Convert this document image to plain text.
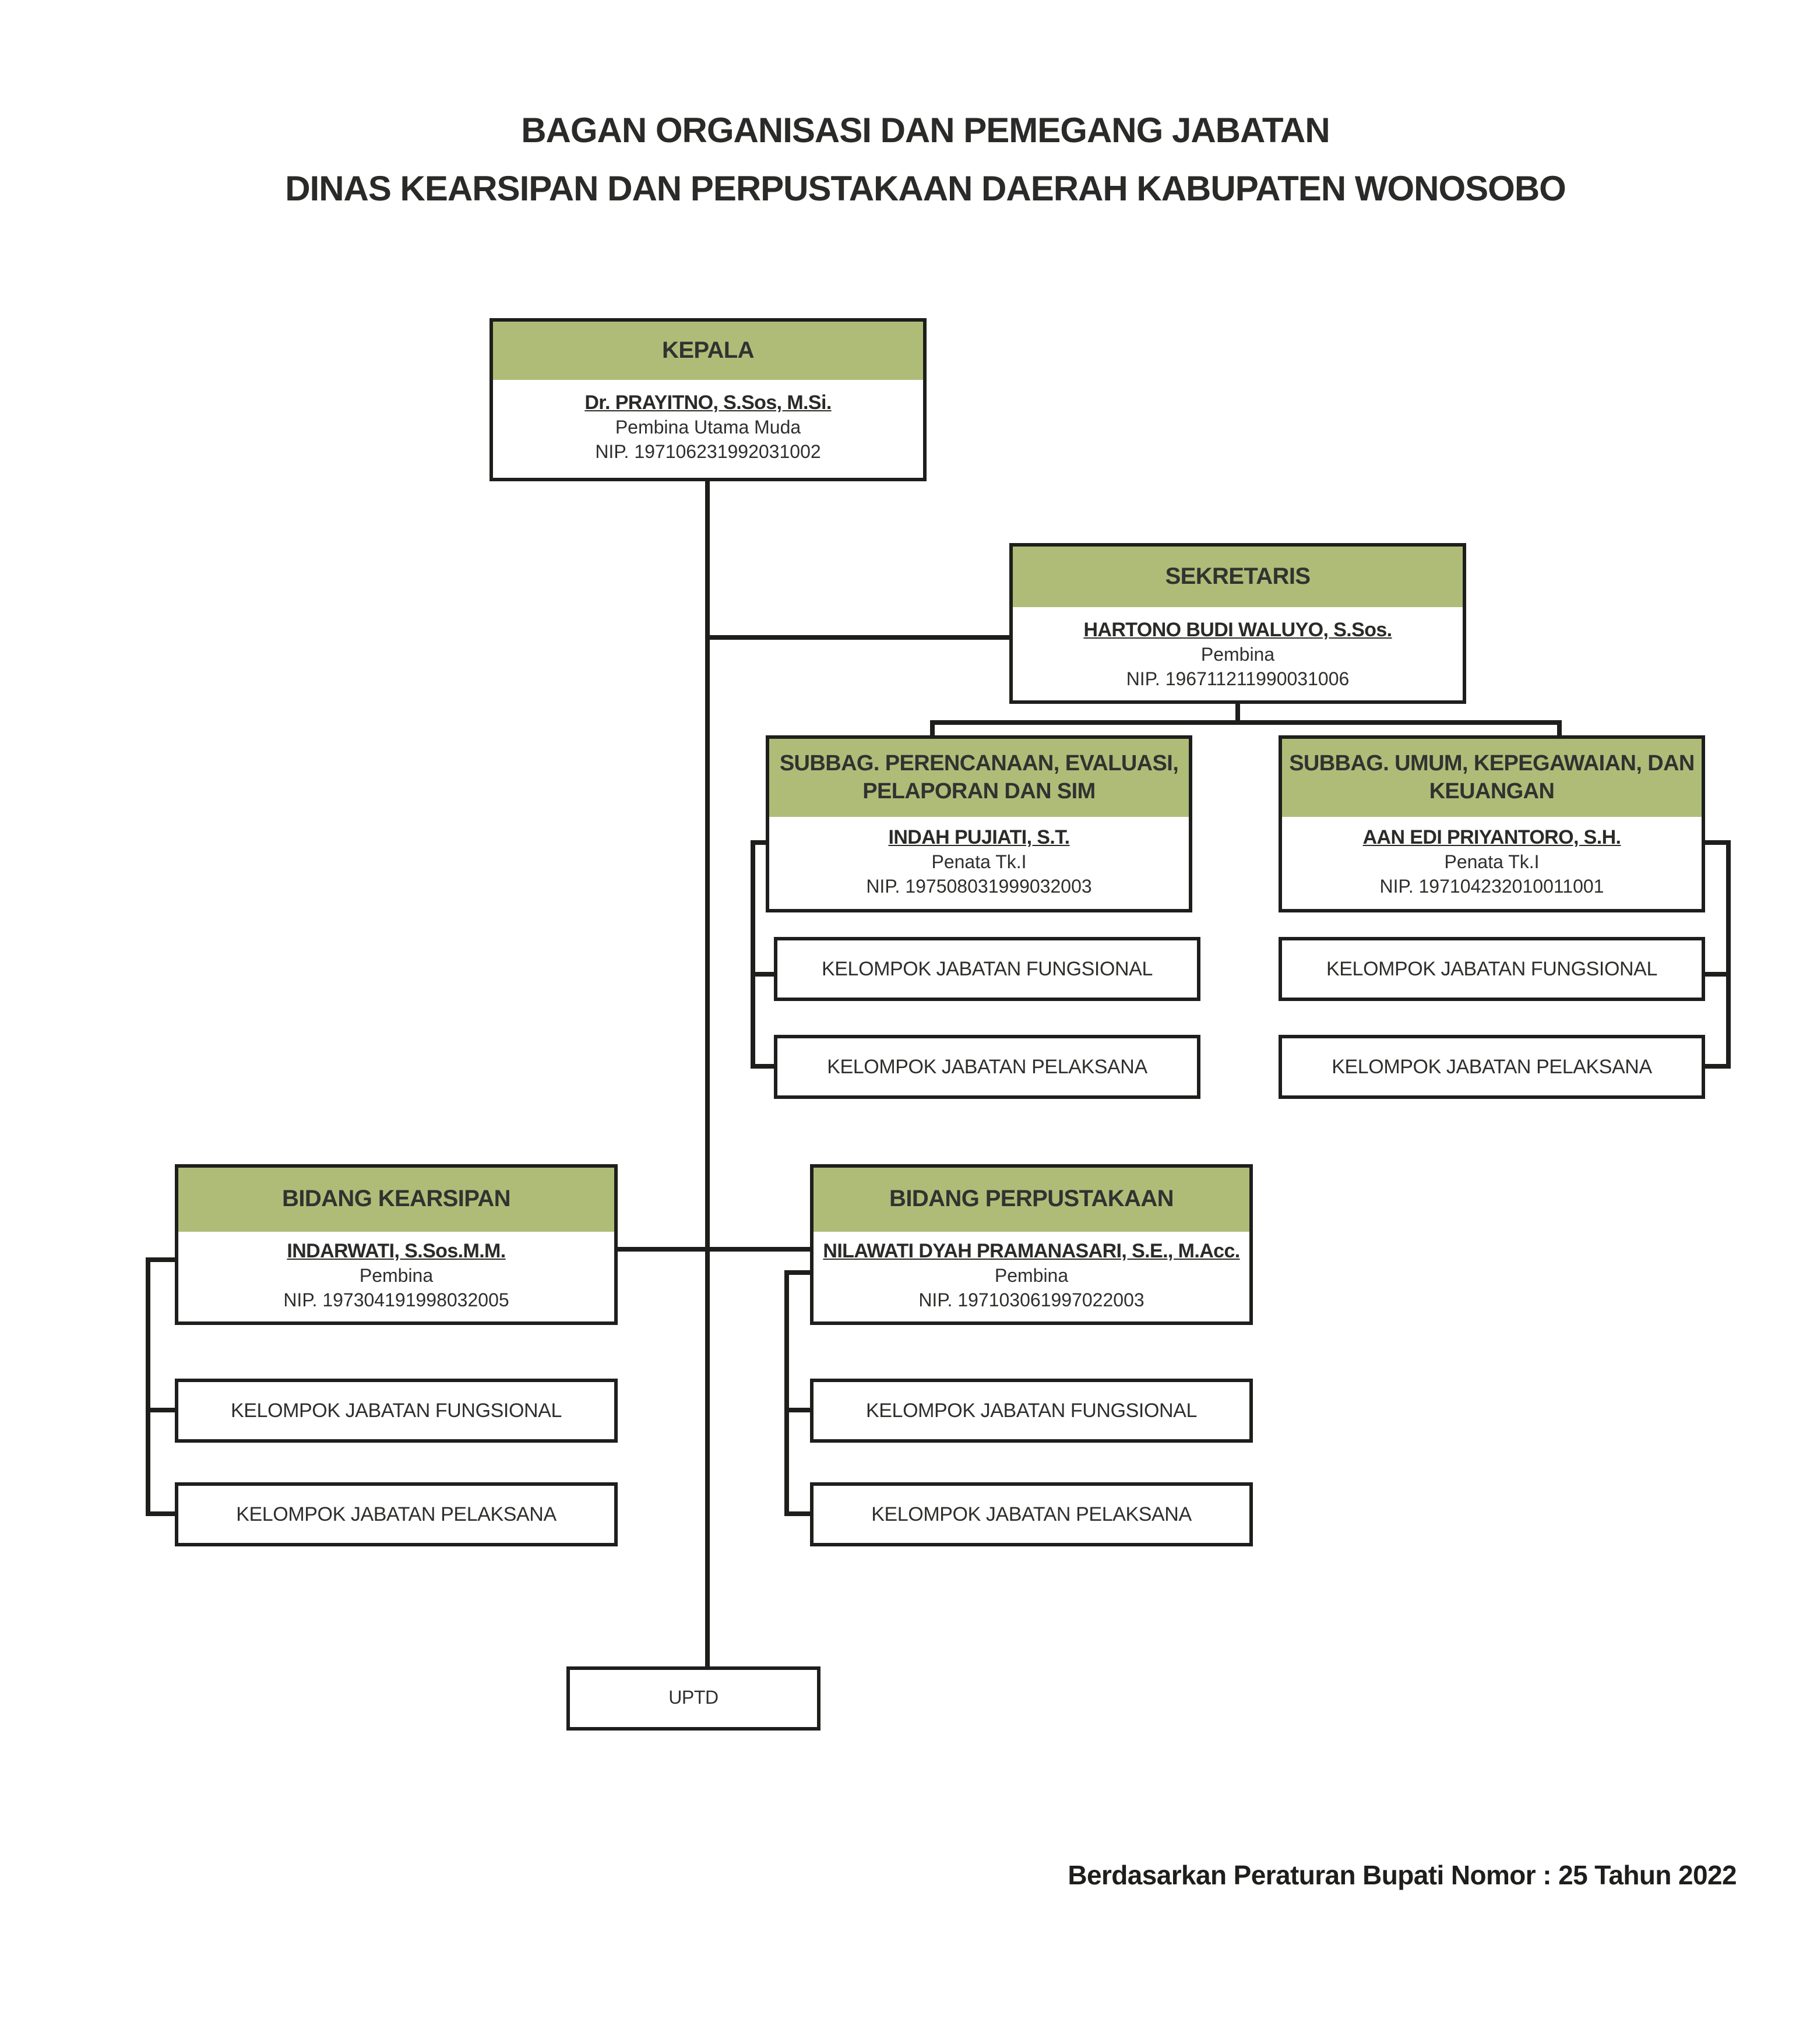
BAGAN ORGANISASI DAN PEMEGANG JABATAN
DINAS KEARSIPAN DAN PERPUSTAKAAN DAERAH KABUPATEN WONOSOBO
KEPALA
Dr. PRAYITNO, S.Sos, M.Si.
Pembina Utama Muda
NIP. 197106231992031002
SEKRETARIS
HARTONO BUDI WALUYO, S.Sos.
Pembina
NIP. 196711211990031006
SUBBAG. PERENCANAAN, EVALUASI, PELAPORAN DAN SIM
INDAH PUJIATI, S.T.
Penata Tk.I
NIP. 197508031999032003
SUBBAG. UMUM, KEPEGAWAIAN, DAN KEUANGAN
AAN EDI PRIYANTORO, S.H.
Penata Tk.I
NIP. 197104232010011001
KELOMPOK JABATAN FUNGSIONAL
KELOMPOK JABATAN PELAKSANA
KELOMPOK JABATAN FUNGSIONAL
KELOMPOK JABATAN PELAKSANA
BIDANG KEARSIPAN
INDARWATI, S.Sos.M.M.
Pembina
NIP. 197304191998032005
BIDANG PERPUSTAKAAN
NILAWATI DYAH PRAMANASARI, S.E., M.Acc.
Pembina
NIP. 197103061997022003
KELOMPOK JABATAN FUNGSIONAL
KELOMPOK JABATAN PELAKSANA
KELOMPOK JABATAN FUNGSIONAL
KELOMPOK JABATAN PELAKSANA
UPTD
Berdasarkan Peraturan Bupati Nomor : 25 Tahun 2022
